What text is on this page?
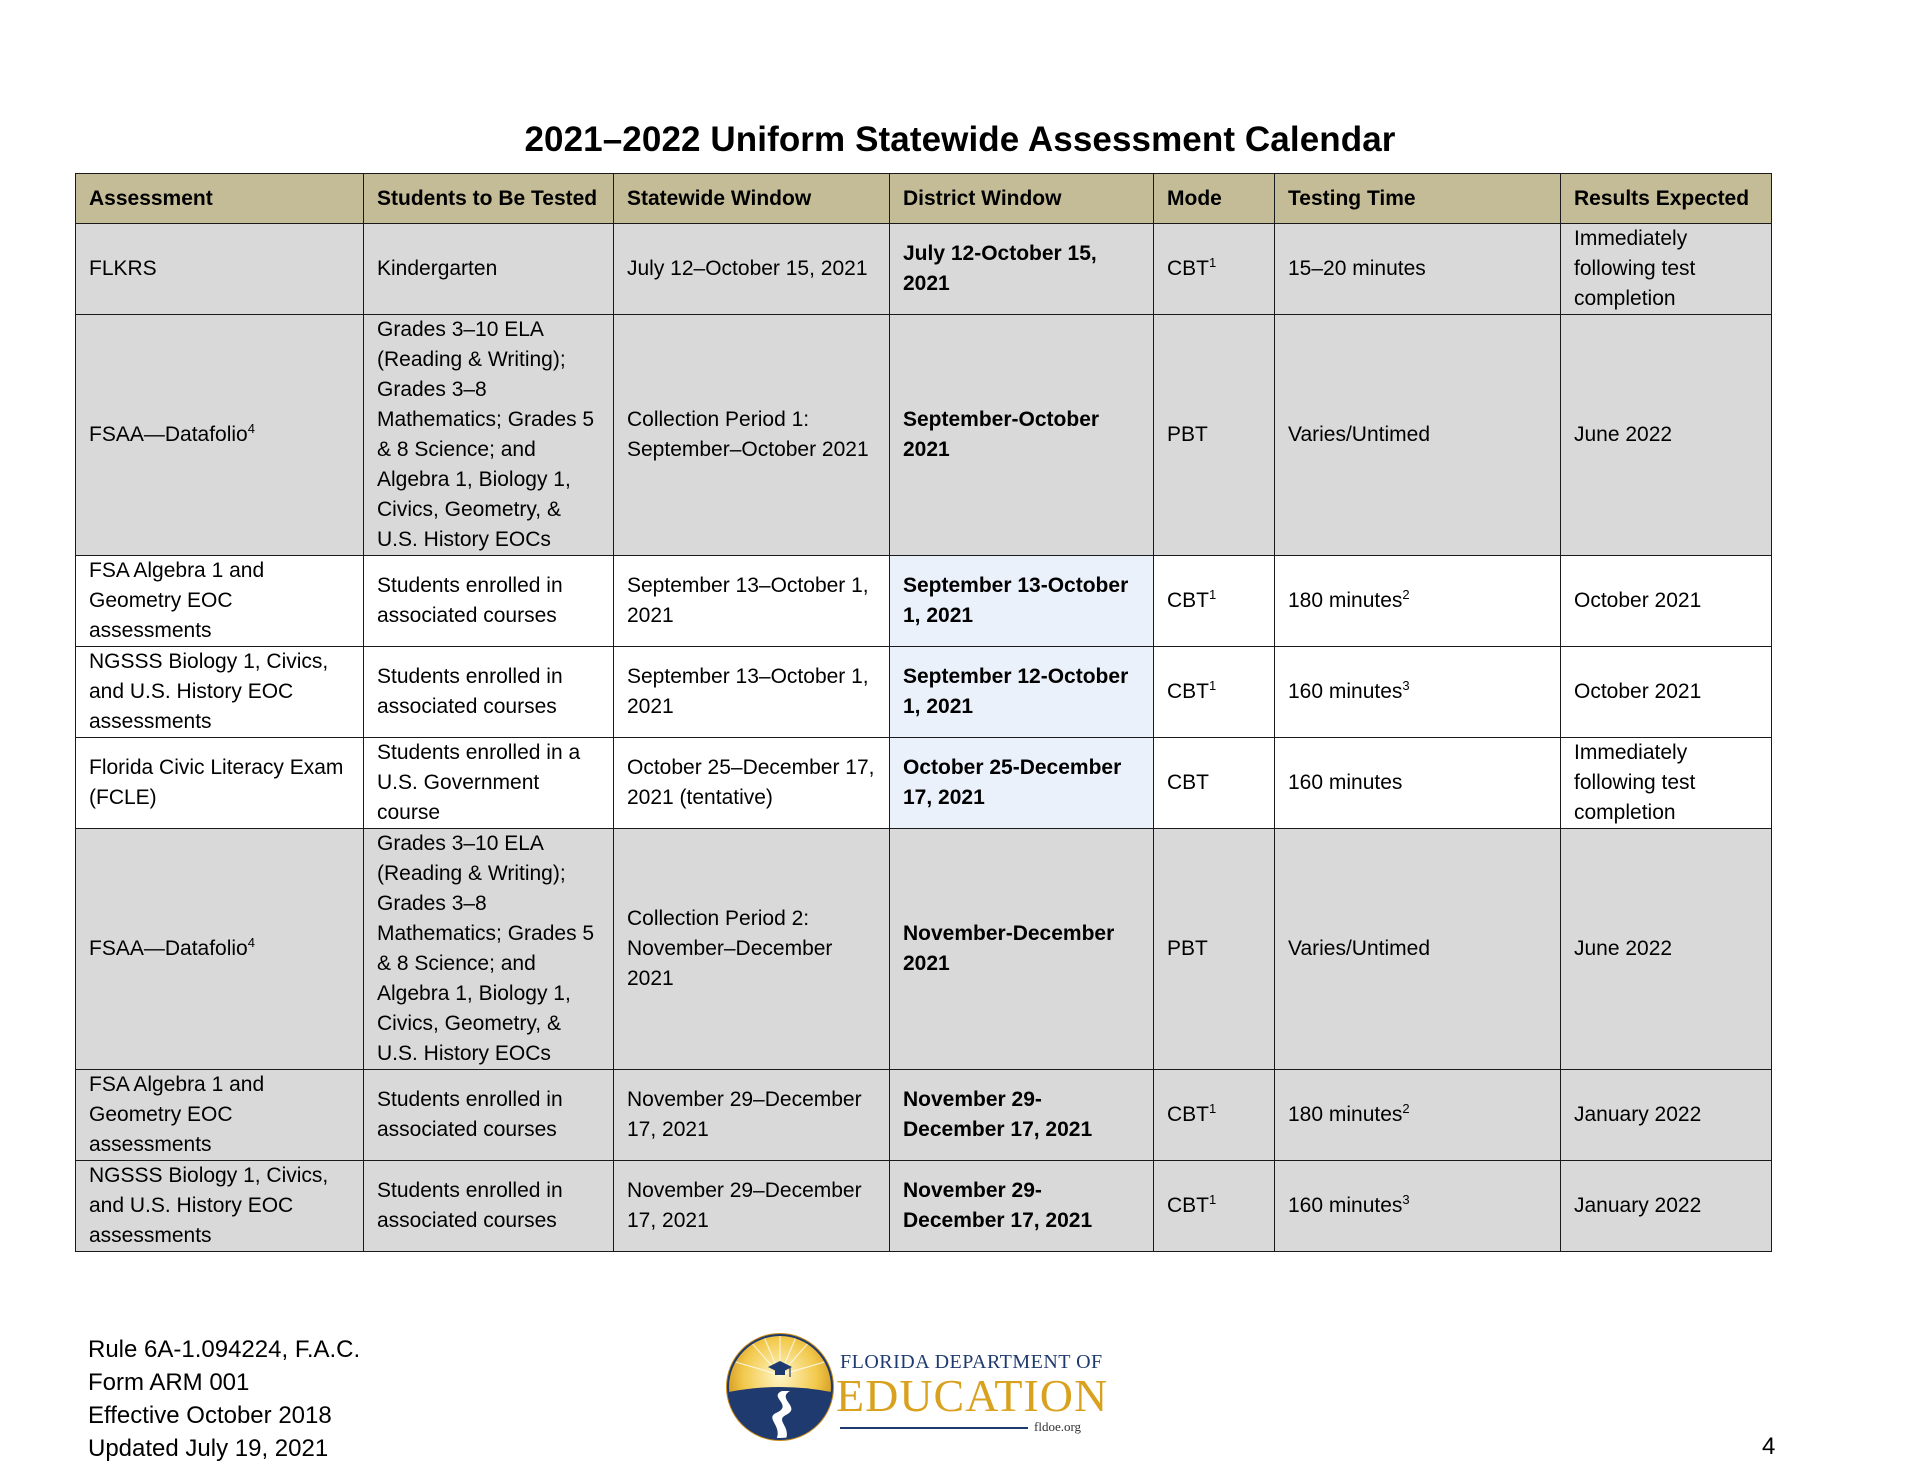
2021–2022 Uniform Statewide Assessment Calendar
Assessment	Students to Be Tested	Statewide Window	District Window	Mode	Testing Time	Results Expected
FLKRS	Kindergarten	July 12–October 15, 2021	July 12-October 15, 2021	CBT$^1$	15–20 minutes	Immediately following test completion
FSAA—Datafolio$^4$	Grades 3–10 ELA (Reading & Writing); Grades 3–8 Mathematics; Grades 5 & 8 Science; and Algebra 1, Biology 1, Civics, Geometry, & U.S. History EOCs	Collection Period 1: September–October 2021	September-October 2021	PBT	Varies/Untimed	June 2022
FSA Algebra 1 and Geometry EOC assessments	Students enrolled in associated courses	September 13–October 1, 2021	September 13-October 1, 2021	CBT$^1$	180 minutes$^2$	October 2021
NGSSS Biology 1, Civics, and U.S. History EOC assessments	Students enrolled in associated courses	September 13–October 1, 2021	September 12-October 1, 2021	CBT$^1$	160 minutes$^3$	October 2021
Florida Civic Literacy Exam (FCLE)	Students enrolled in a U.S. Government course	October 25–December 17, 2021 (tentative)	October 25-December 17, 2021	CBT	160 minutes	Immediately following test completion
FSAA—Datafolio$^4$	Grades 3–10 ELA (Reading & Writing); Grades 3–8 Mathematics; Grades 5 & 8 Science; and Algebra 1, Biology 1, Civics, Geometry, & U.S. History EOCs	Collection Period 2: November–December 2021	November-December 2021	PBT	Varies/Untimed	June 2022
FSA Algebra 1 and Geometry EOC assessments	Students enrolled in associated courses	November 29–December 17, 2021	November 29-December 17, 2021	CBT$^1$	180 minutes$^2$	January 2022
NGSSS Biology 1, Civics, and U.S. History EOC assessments	Students enrolled in associated courses	November 29–December 17, 2021	November 29-December 17, 2021	CBT$^1$	160 minutes$^3$	January 2022
Rule 6A-1.094224, F.A.C.
Form ARM 001
Effective October 2018
Updated July 19, 2021
FLORIDA DEPARTMENT OF
EDUCATION
fldoe.org
4
